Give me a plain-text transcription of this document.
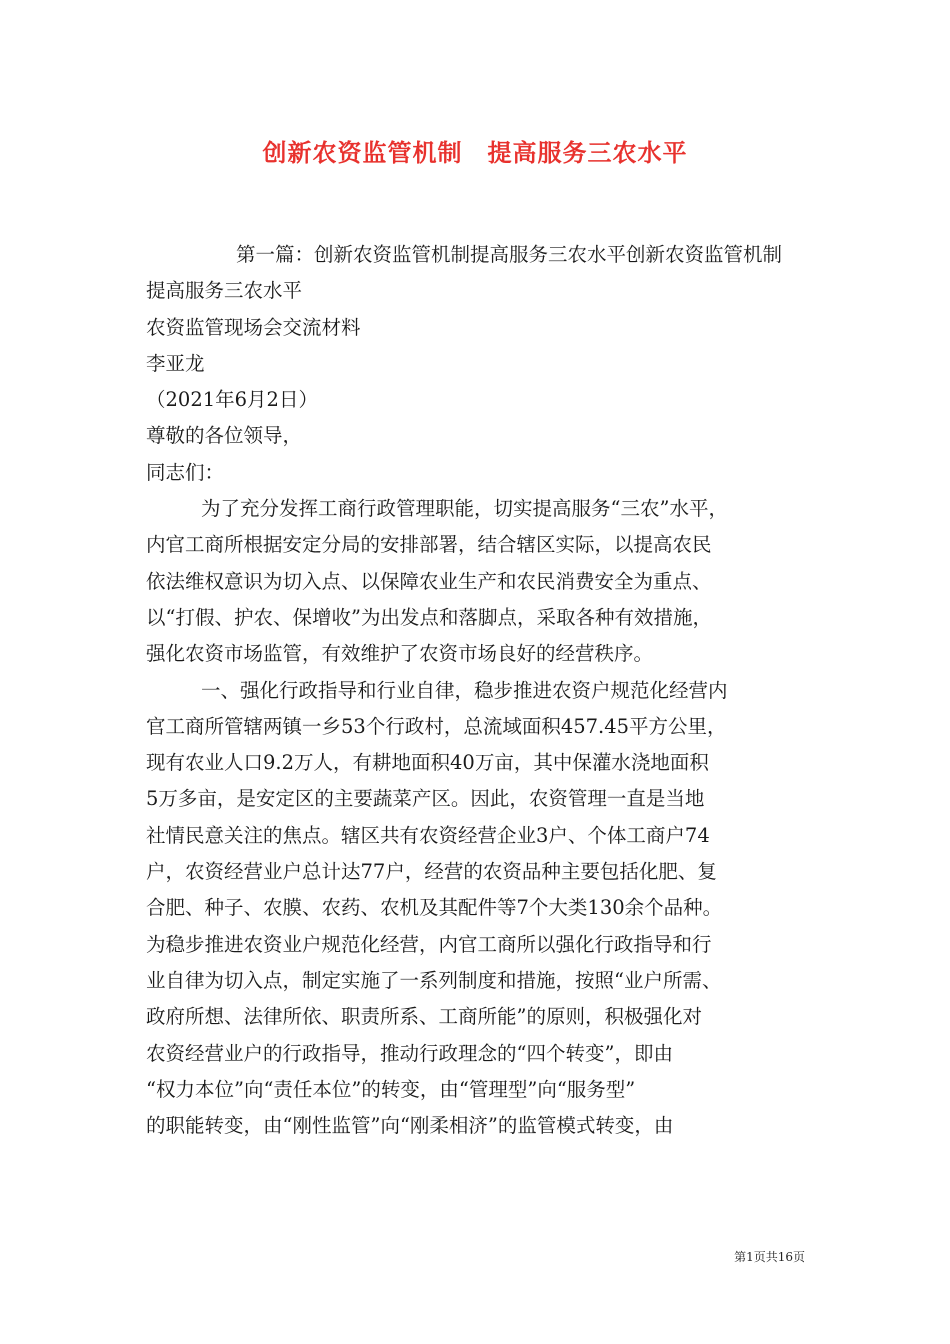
创新农资监管机制　提高服务三农水平

第一篇：创新农资监管机制提高服务三农水平创新农资监管机制

提高服务三农水平

农资监管现场会交流材料

李亚龙

（2021年6月2日）

尊敬的各位领导，

同志们：

为了充分发挥工商行政管理职能，切实提高服务“三农”水平，
内官工商所根据安定分局的安排部署，结合辖区实际，以提高农民
依法维权意识为切入点、以保障农业生产和农民消费安全为重点、
以“打假、护农、保增收”为出发点和落脚点，采取各种有效措施，
强化农资市场监管，有效维护了农资市场良好的经营秩序。

一、强化行政指导和行业自律，稳步推进农资户规范化经营内
官工商所管辖两镇一乡53个行政村，总流域面积457.45平方公里，
现有农业人口9.2万人，有耕地面积40万亩，其中保灌水浇地面积
5万多亩，是安定区的主要蔬菜产区。因此，农资管理一直是当地
社情民意关注的焦点。辖区共有农资经营企业3户、个体工商户74
户，农资经营业户总计达77户，经营的农资品种主要包括化肥、复
合肥、种子、农膜、农药、农机及其配件等7个大类130余个品种。
为稳步推进农资业户规范化经营，内官工商所以强化行政指导和行
业自律为切入点，制定实施了一系列制度和措施，按照“业户所需、
政府所想、法律所依、职责所系、工商所能”的原则，积极强化对
农资经营业户的行政指导，推动行政理念的“四个转变”，即由
“权力本位”向“责任本位”的转变，由“管理型”向“服务型”
的职能转变，由“刚性监管”向“刚柔相济”的监管模式转变，由

第1页共16页
